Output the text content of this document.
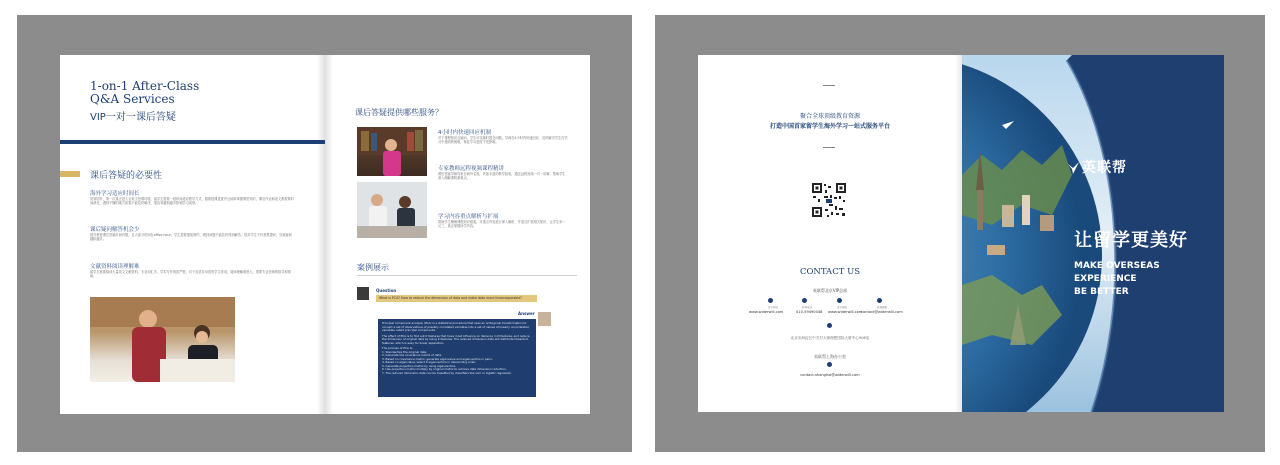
1-on-1 After-Class
Q&A Services
VIP一对一课后答疑
课后答疑的必要性
海外学习适应时间长
初到国外，第一次真正进入全英文授课环境，留学生需要一段时间适应教学方式，跟着授课进度并且能够掌握课堂知识，课后作业和论文都需要时间消化，遇到不懂的地方如果不能及时解决，很容易越积越多影响学习成绩。
课后疑问解答机会少
国外教授课后答疑时间有限，且大部分时间在office hour，学生需要提前预约，遇到问题不能及时得到解答，很多学生不好意思提问，导致疑问越积越多。
文献资料阅读理解难
留学生需要阅读大量英文文献资料，专业词汇多，学术写作规范严格，对于英语非母语的学生来说，阅读理解难度大，需要专业老师的指导和帮助。
课后答疑提供哪些服务？
4小时内快速回应机制
对于课程知识点疑问，学生可以随时提交问题，导师在4小时内快速回应，及时解决学生在学习中遇到的困难，保证学习进度不受影响。
专家教师远程视频课程精讲
课后答疑导师均来自海外名校，具备丰富的教学经验，通过远程视频一对一讲解，帮助学生深入理解课程重难点。
学习内容重点解析与扩展
帮助学生梳理课程知识框架，对重点内容进行深入解析，并适当扩展相关知识，让学生举一反三，真正掌握所学内容。
案例展示
Question
What is PCA? How to reduce the dimension of data and make data more linearseparable?
Answer
Principal component analysis (PCA) is a statistical procedure that uses an orthogonal transformation to convert a set of observations of possibly correlated variables into a set of values of linearly uncorrelated variables called principal components.
The effect of PCA is to find out K features that have most influence on Variance in N features, and reduce the dimension of original data by using K features. The reduced dimension data will distribute towards K features, which is easy for linear separation.
The process of PCA is:
1. Standardize the original data.
2. Generate the covariance matrix of data.
3. Based on covariance matrix, generate eigenvalue and eigenvectors in pairs.
4. Based on eigenvalue, select K eigenvectors in descending order.
5. Generate projection matrix by using eigenvectors.
6. Use projection matrix multiply by original matrix to achieve data dimension reduction.
7. The reduced dimension data can be classified by classifiers like svm or logistic regression.
聚合全球顶级教育资源
打造中国首家留学生海外学习一站式服务平台
CONTACT US
英联帮北京VIP总部
官方网站	咨询电话	官方网站	咨询邮箱
www.widerwill.com	010-59490048 www.widerwill.com
contact@widerwill.com
北京市海淀区中关村大街理想国际大厦中心906室
英联帮上海办公室
contact-shanghai@widerwill.com
英联帮
让留学更美好
MAKE OVERSEAS
EXPERIENCE
BE BETTER
